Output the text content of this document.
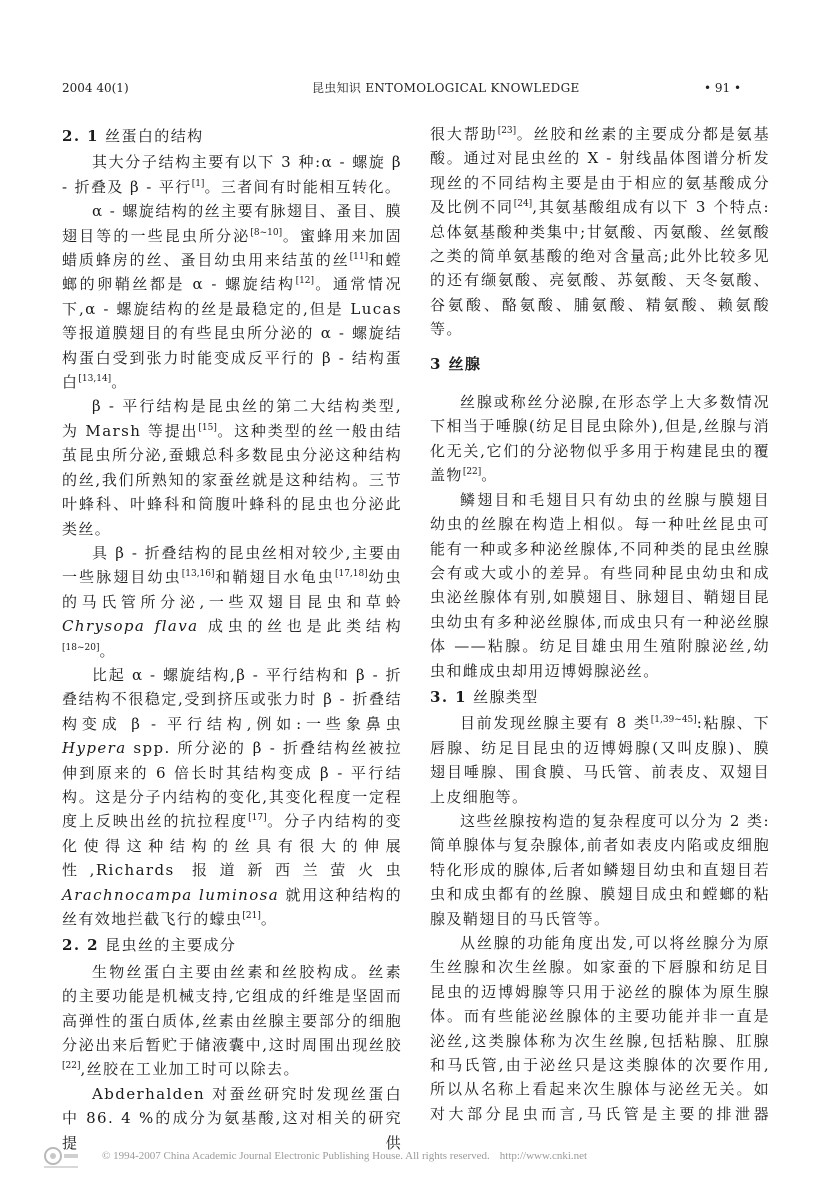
2004 40(1)	昆虫知识 ENTOMOLOGICAL KNOWLEDGE	• 91 •
2. 1 丝蛋白的结构
其大分子结构主要有以下 3 种:α - 螺旋 β - 折叠及 β - 平行[1]。三者间有时能相互转化。
α - 螺旋结构的丝主要有脉翅目、蚤目、膜翅目等的一些昆虫所分泌[8~10]。蜜蜂用来加固蜡质蜂房的丝、蚤目幼虫用来结茧的丝[11]和螳螂的卵鞘丝都是 α - 螺旋结构[12]。通常情况下,α - 螺旋结构的丝是最稳定的,但是 Lucas 等报道膜翅目的有些昆虫所分泌的 α - 螺旋结构蛋白受到张力时能变成反平行的 β - 结构蛋白[13,14]。
β - 平行结构是昆虫丝的第二大结构类型,为 Marsh 等提出[15]。这种类型的丝一般由结茧昆虫所分泌,蚕蛾总科多数昆虫分泌这种结构的丝,我们所熟知的家蚕丝就是这种结构。三节叶蜂科、叶蜂科和筒腹叶蜂科的昆虫也分泌此类丝。
具 β - 折叠结构的昆虫丝相对较少,主要由一些脉翅目幼虫[13,16]和鞘翅目水龟虫[17,18]幼虫的马氏管所分泌,一些双翅目昆虫和草蛉 Chrysopa flava 成虫的丝也是此类结构[18~20]。
比起 α - 螺旋结构,β - 平行结构和 β - 折叠结构不很稳定,受到挤压或张力时 β - 折叠结构变成 β - 平行结构,例如:一些象鼻虫 Hypera spp. 所分泌的 β - 折叠结构丝被拉伸到原来的 6 倍长时其结构变成 β - 平行结构。这是分子内结构的变化,其变化程度一定程度上反映出丝的抗拉程度[17]。分子内结构的变化使得这种结构的丝具有很大的伸展性,Richards 报道新西兰萤火虫 Arachnocampa luminosa 就用这种结构的丝有效地拦截飞行的蠓虫[21]。
2. 2 昆虫丝的主要成分
生物丝蛋白主要由丝素和丝胶构成。丝素的主要功能是机械支持,它组成的纤维是坚固而高弹性的蛋白质体,丝素由丝腺主要部分的细胞分泌出来后暂贮于储液囊中,这时周围出现丝胶[22],丝胶在工业加工时可以除去。
Abderhalden 对蚕丝研究时发现丝蛋白中 86. 4 %的成分为氨基酸,这对相关的研究提供
很大帮助[23]。丝胶和丝素的主要成分都是氨基酸。通过对昆虫丝的 X - 射线晶体图谱分析发现丝的不同结构主要是由于相应的氨基酸成分及比例不同[24],其氨基酸组成有以下 3 个特点:总体氨基酸种类集中;甘氨酸、丙氨酸、丝氨酸之类的简单氨基酸的绝对含量高;此外比较多见的还有缬氨酸、亮氨酸、苏氨酸、天冬氨酸、谷氨酸、酪氨酸、脯氨酸、精氨酸、赖氨酸等。
3 丝腺
丝腺或称丝分泌腺,在形态学上大多数情况下相当于唾腺(纺足目昆虫除外),但是,丝腺与消化无关,它们的分泌物似乎多用于构建昆虫的覆盖物[22]。
鳞翅目和毛翅目只有幼虫的丝腺与膜翅目幼虫的丝腺在构造上相似。每一种吐丝昆虫可能有一种或多种泌丝腺体,不同种类的昆虫丝腺会有或大或小的差异。有些同种昆虫幼虫和成虫泌丝腺体有别,如膜翅目、脉翅目、鞘翅目昆虫幼虫有多种泌丝腺体,而成虫只有一种泌丝腺体 ——粘腺。纺足目雄虫用生殖附腺泌丝,幼虫和雌成虫却用迈博姆腺泌丝。
3. 1 丝腺类型
目前发现丝腺主要有 8 类[1,39~45]:粘腺、下唇腺、纺足目昆虫的迈博姆腺(又叫皮腺)、膜翅目唾腺、围食膜、马氏管、前表皮、双翅目上皮细胞等。
这些丝腺按构造的复杂程度可以分为 2 类:简单腺体与复杂腺体,前者如表皮内陷或皮细胞特化形成的腺体,后者如鳞翅目幼虫和直翅目若虫和成虫都有的丝腺、膜翅目成虫和螳螂的粘腺及鞘翅目的马氏管等。
从丝腺的功能角度出发,可以将丝腺分为原生丝腺和次生丝腺。如家蚕的下唇腺和纺足目昆虫的迈博姆腺等只用于泌丝的腺体为原生腺体。而有些能泌丝腺体的主要功能并非一直是泌丝,这类腺体称为次生丝腺,包括粘腺、肛腺和马氏管,由于泌丝只是这类腺体的次要作用,所以从名称上看起来次生腺体与泌丝无关。如对大部分昆虫而言,马氏管是主要的排泄器
© 1994-2007 China Academic Journal Electronic Publishing House. All rights reserved. http://www.cnki.net
